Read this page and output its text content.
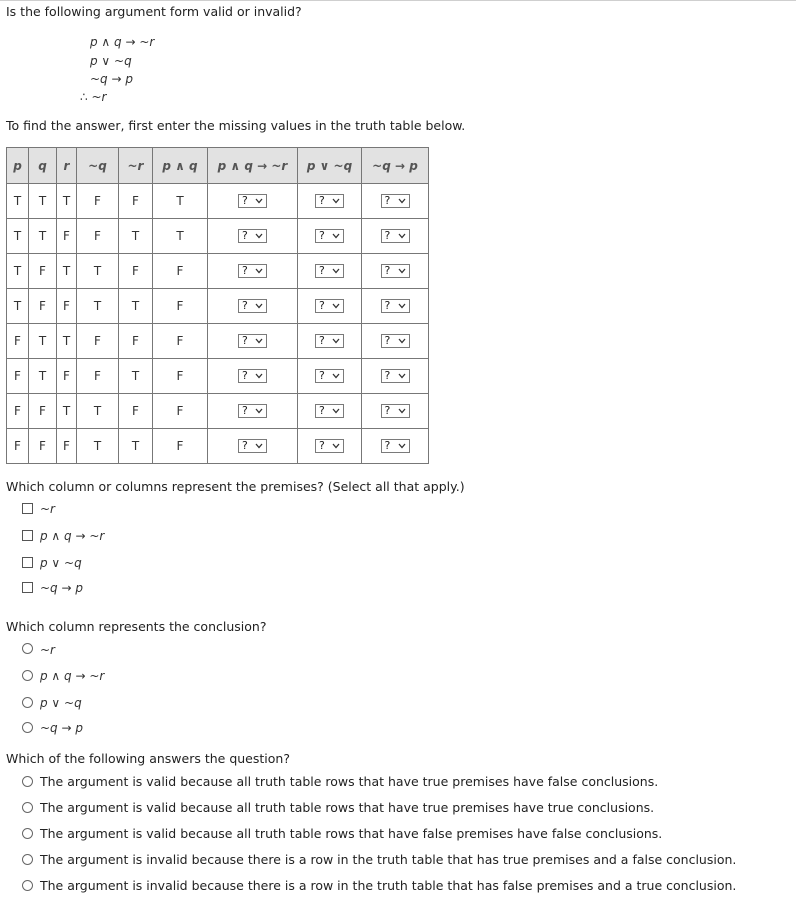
Is the following argument form valid or invalid?
p ∧ q → ~r
p ∨ ~q
~q → p
∴ ~r
To find the answer, first enter the missing values in the truth table below.
p	q	r	~q	~r	p ∧ q	p ∧ q → ~r	p ∨ ~q	~q → p
T	T	T	F	F	T	?	?	?

T	T	F	F	T	T	?	?	?

T	F	T	T	F	F	?	?	?

T	F	F	T	T	F	?	?	?

F	T	T	F	F	F	?	?	?

F	T	F	F	T	F	?	?	?

F	F	T	T	F	F	?	?	?

F	F	F	T	T	F	?	?	?
Which column or columns represent the premises? (Select all that apply.)
~r
p ∧ q → ~r
p ∨ ~q
~q → p
Which column represents the conclusion?
~r
p ∧ q → ~r
p ∨ ~q
~q → p
Which of the following answers the question?
The argument is valid because all truth table rows that have true premises have false conclusions.
The argument is valid because all truth table rows that have true premises have true conclusions.
The argument is valid because all truth table rows that have false premises have false conclusions.
The argument is invalid because there is a row in the truth table that has true premises and a false conclusion.
The argument is invalid because there is a row in the truth table that has false premises and a true conclusion.
